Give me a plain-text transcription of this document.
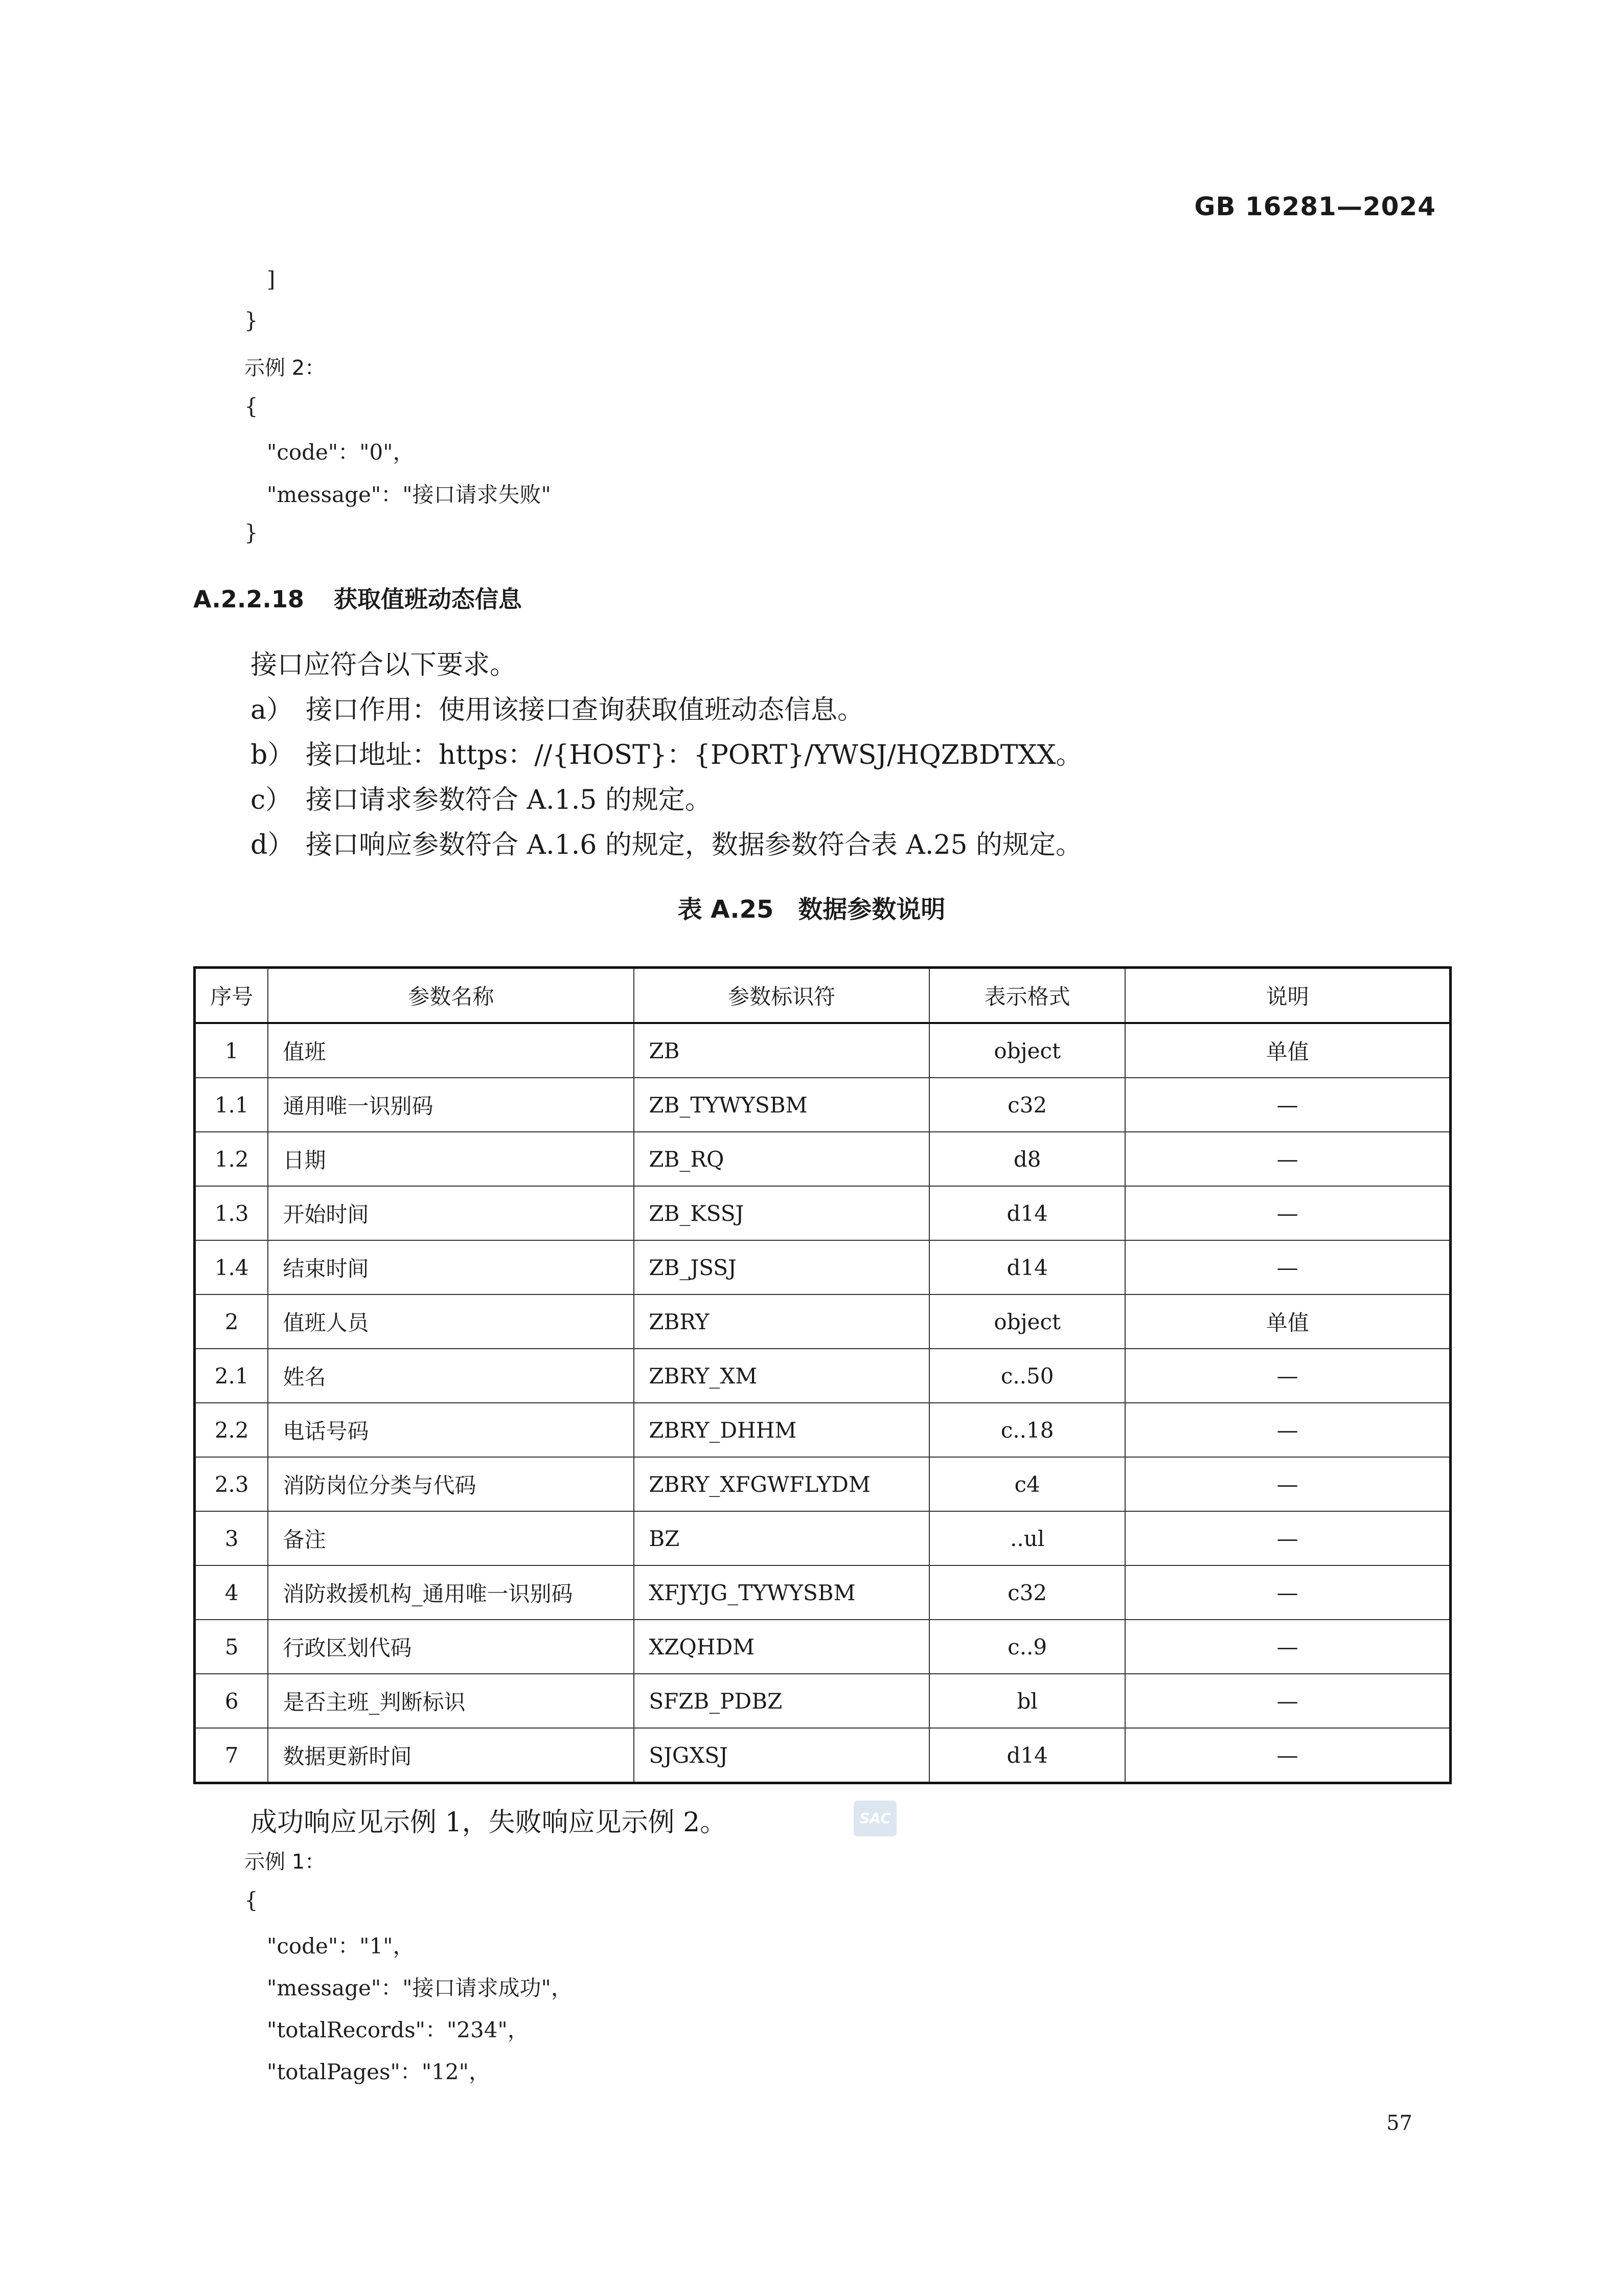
GB 16281—2024
]
}
示例 2：
{
"code"："0"，
"message"："接口请求失败"
}
A.2.2.18 获取值班动态信息
接口应符合以下要求。
a） 接口作用：使用该接口查询获取值班动态信息。
b） 接口地址：https：//{HOST}：{PORT}/YWSJ/HQZBDTXX。
c） 接口请求参数符合 A.1.5 的规定。
d） 接口响应参数符合 A.1.6 的规定，数据参数符合表 A.25 的规定。
表 A.25　数据参数说明
序号	参数名称	参数标识符	表示格式	说明
1	值班	ZB	object	单值
1.1	通用唯一识别码	ZB_TYWYSBM	c32	—
1.2	日期	ZB_RQ	d8	—
1.3	开始时间	ZB_KSSJ	d14	—
1.4	结束时间	ZB_JSSJ	d14	—
2	值班人员	ZBRY	object	单值
2.1	姓名	ZBRY_XM	c..50	—
2.2	电话号码	ZBRY_DHHM	c..18	—
2.3	消防岗位分类与代码	ZBRY_XFGWFLYDM	c4	—
3	备注	BZ	..ul	—
4	消防救援机构_通用唯一识别码	XFJYJG_TYWYSBM	c32	—
5	行政区划代码	XZQHDM	c..9	—
6	是否主班_判断标识	SFZB_PDBZ	bl	—
7	数据更新时间	SJGXSJ	d14	—
成功响应见示例 1，失败响应见示例 2。	SAC
示例 1：
{
"code"："1"，
"message"："接口请求成功"，
"totalRecords"："234"，
"totalPages"："12"，
57
